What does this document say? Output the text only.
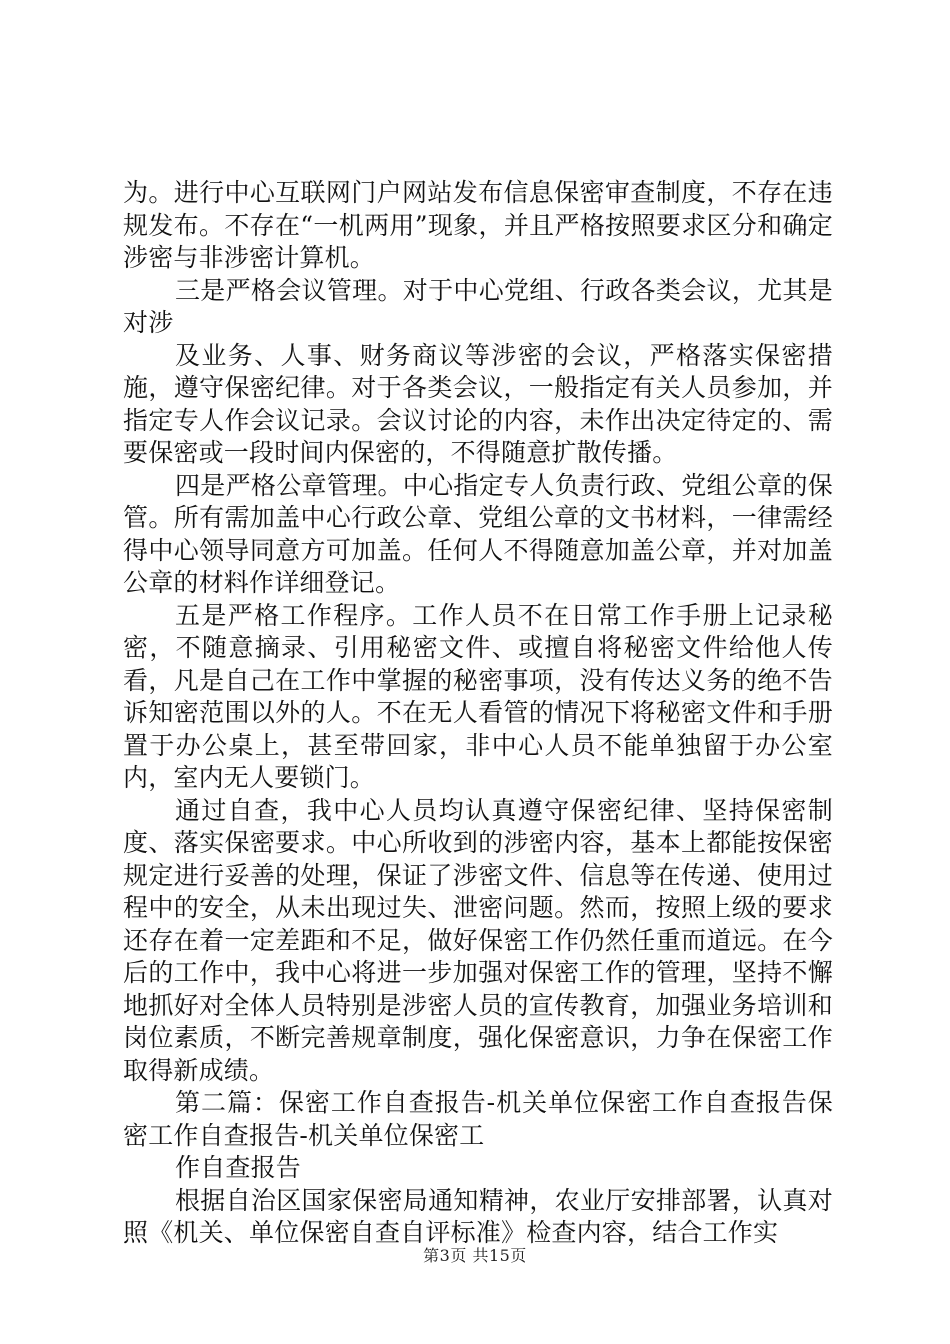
为。进行中心互联网门户网站发布信息保密审查制度，不存在违规发布。不存在“一机两用”现象，并且严格按照要求区分和确定涉密与非涉密计算机。

三是严格会议管理。对于中心党组、行政各类会议，尤其是对涉

及业务、人事、财务商议等涉密的会议，严格落实保密措施，遵守保密纪律。对于各类会议，一般指定有关人员参加，并指定专人作会议记录。会议讨论的内容，未作出决定待定的、需要保密或一段时间内保密的，不得随意扩散传播。

四是严格公章管理。中心指定专人负责行政、党组公章的保管。所有需加盖中心行政公章、党组公章的文书材料，一律需经得中心领导同意方可加盖。任何人不得随意加盖公章，并对加盖公章的材料作详细登记。

五是严格工作程序。工作人员不在日常工作手册上记录秘密，不随意摘录、引用秘密文件、或擅自将秘密文件给他人传看，凡是自己在工作中掌握的秘密事项，没有传达义务的绝不告诉知密范围以外的人。不在无人看管的情况下将秘密文件和手册置于办公桌上，甚至带回家，非中心人员不能单独留于办公室内，室内无人要锁门。

通过自查，我中心人员均认真遵守保密纪律、坚持保密制度、落实保密要求。中心所收到的涉密内容，基本上都能按保密规定进行妥善的处理，保证了涉密文件、信息等在传递、使用过程中的安全，从未出现过失、泄密问题。然而，按照上级的要求还存在着一定差距和不足，做好保密工作仍然任重而道远。在今后的工作中，我中心将进一步加强对保密工作的管理，坚持不懈地抓好对全体人员特别是涉密人员的宣传教育，加强业务培训和岗位素质，不断完善规章制度，强化保密意识，力争在保密工作取得新成绩。

第二篇：保密工作自查报告-机关单位保密工作自查报告保密工作自查报告-机关单位保密工

作自查报告

根据自治区国家保密局通知精神，农业厅安排部署，认真对照《机关、单位保密自查自评标准》检查内容，结合工作实

第3页 共15页
